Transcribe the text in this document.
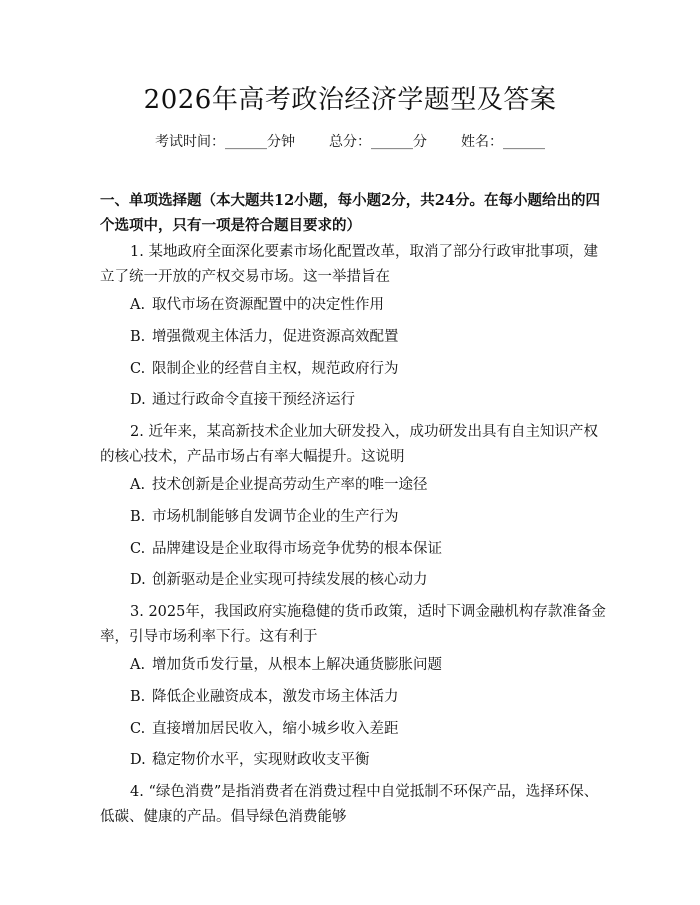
2026年高考政治经济学题型及答案
考试时间：______分钟 总分：______分 姓名：______
一、单项选择题（本大题共12小题，每小题2分，共24分。在每小题给出的四个选项中，只有一项是符合题目要求的）
1. 某地政府全面深化要素市场化配置改革，取消了部分行政审批事项，建立了统一开放的产权交易市场。这一举措旨在
A. 取代市场在资源配置中的决定性作用
B. 增强微观主体活力，促进资源高效配置
C. 限制企业的经营自主权，规范政府行为
D. 通过行政命令直接干预经济运行
2. 近年来，某高新技术企业加大研发投入，成功研发出具有自主知识产权的核心技术，产品市场占有率大幅提升。这说明
A. 技术创新是企业提高劳动生产率的唯一途径
B. 市场机制能够自发调节企业的生产行为
C. 品牌建设是企业取得市场竞争优势的根本保证
D. 创新驱动是企业实现可持续发展的核心动力
3. 2025年，我国政府实施稳健的货币政策，适时下调金融机构存款准备金率，引导市场利率下行。这有利于
A. 增加货币发行量，从根本上解决通货膨胀问题
B. 降低企业融资成本，激发市场主体活力
C. 直接增加居民收入，缩小城乡收入差距
D. 稳定物价水平，实现财政收支平衡
4. “绿色消费”是指消费者在消费过程中自觉抵制不环保产品，选择环保、低碳、健康的产品。倡导绿色消费能够
